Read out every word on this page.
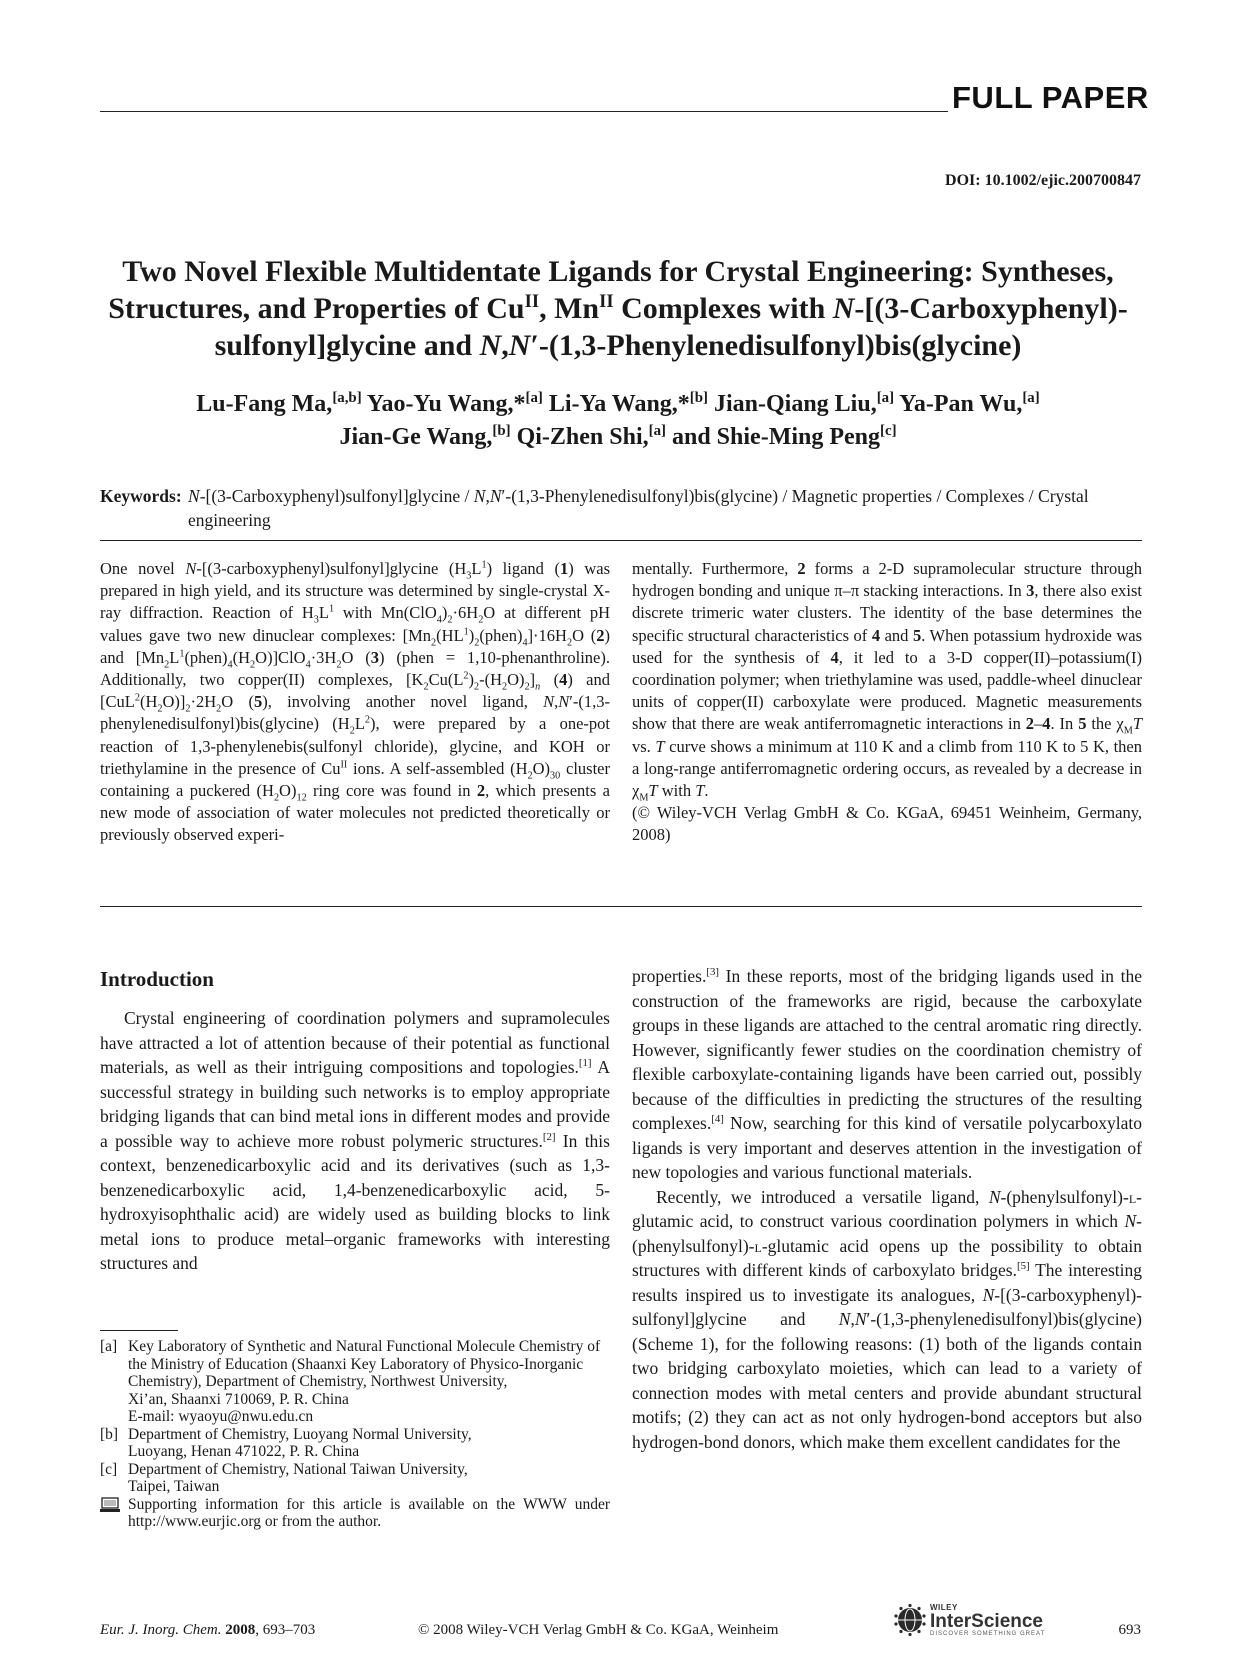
FULL PAPER
DOI: 10.1002/ejic.200700847
Two Novel Flexible Multidentate Ligands for Crystal Engineering: Syntheses, Structures, and Properties of $Cu^{II}$, $Mn^{II}$ Complexes with N-[(3-Carboxyphenyl)-
sulfonyl]glycine and N,N′-(1,3-Phenylenedisulfonyl)bis(glycine)
Lu-Fang Ma,[a,b] Yao-Yu Wang,*[a] Li-Ya Wang,*[b] Jian-Qiang Liu,[a] Ya-Pan Wu,[a]
Jian-Ge Wang,[b] Qi-Zhen Shi,[a] and Shie-Ming Peng[c]
Keywords: N-[(3-Carboxyphenyl)sulfonyl]glycine / N,N′-(1,3-Phenylenedisulfonyl)bis(glycine) / Magnetic properties / Complexes / Crystal engineering

One novel N-[(3-carboxyphenyl)sulfonyl]glycine $(H_3L^1)$ ligand (1) was prepared in high yield, and its structure was determined by single-crystal X-ray diffraction. Reaction of $H_3L^1$ with $Mn(ClO_4)_2\cdot 6H_2O$ at different pH values gave two new dinuclear complexes: $[Mn_2(HL^1)_2(phen)_4]\cdot 16H_2O$ (2) and $[Mn_2L^1(phen)_4(H_2O)]ClO_4\cdot 3H_2O$ (3) (phen = 1,10-phenanthroline). Additionally, two copper(II) complexes, $[K_2Cu(L^2)_2-(H_2O)_2]_n$ (4) and $[CuL^2(H_2O)]_2\cdot 2H_2O$ (5), involving another novel ligand, N,N′-(1,3-phenylenedisulfonyl)bis(glycine) $(H_2L^2)$, were prepared by a one-pot reaction of 1,3-phenylenebis(sulfonyl chloride), glycine, and KOH or triethylamine in the presence of $Cu^{II}$ ions. A self-assembled $(H_2O)_{30}$ cluster containing a puckered $(H_2O)_{12}$ ring core was found in 2, which presents a new mode of association of water molecules not predicted theoretically or previously observed experi-

mentally. Furthermore, 2 forms a 2-D supramolecular structure through hydrogen bonding and unique π–π stacking interactions. In 3, there also exist discrete trimeric water clusters. The identity of the base determines the specific structural characteristics of 4 and 5. When potassium hydroxide was used for the synthesis of 4, it led to a 3-D copper(II)–potassium(I) coordination polymer; when triethylamine was used, paddle-wheel dinuclear units of copper(II) carboxylate were produced. Magnetic measurements show that there are weak antiferromagnetic interactions in 2–4. In 5 the $\chi_MT$ vs. T curve shows a minimum at 110 K and a climb from 110 K to 5 K, then a long-range antiferromagnetic ordering occurs, as revealed by a decrease in $\chi_MT$ with T.
(© Wiley-VCH Verlag GmbH & Co. KGaA, 69451 Weinheim, Germany, 2008)

Introduction

Crystal engineering of coordination polymers and supramolecules have attracted a lot of attention because of their potential as functional materials, as well as their intriguing compositions and topologies.[1] A successful strategy in building such networks is to employ appropriate bridging ligands that can bind metal ions in different modes and provide a possible way to achieve more robust polymeric structures.[2] In this context, benzenedicarboxylic acid and its derivatives (such as 1,3-benzenedicarboxylic acid, 1,4-benzenedicarboxylic acid, 5-hydroxyisophthalic acid) are widely used as building blocks to link metal ions to produce metal–organic frameworks with interesting structures and

properties.[3] In these reports, most of the bridging ligands used in the construction of the frameworks are rigid, because the carboxylate groups in these ligands are attached to the central aromatic ring directly. However, significantly fewer studies on the coordination chemistry of flexible carboxylate-containing ligands have been carried out, possibly because of the difficulties in predicting the structures of the resulting complexes.[4] Now, searching for this kind of versatile polycarboxylato ligands is very important and deserves attention in the investigation of new topologies and various functional materials.

Recently, we introduced a versatile ligand, N-(phenylsulfonyl)-l-glutamic acid, to construct various coordination polymers in which N-(phenylsulfonyl)-l-glutamic acid opens up the possibility to obtain structures with different kinds of carboxylato bridges.[5] The interesting results inspired us to investigate its analogues, N-[(3-carboxyphenyl)-sulfonyl]glycine and N,N′-(1,3-phenylenedisulfonyl)bis(glycine) (Scheme 1), for the following reasons: (1) both of the ligands contain two bridging carboxylato moieties, which can lead to a variety of connection modes with metal centers and provide abundant structural motifs; (2) they can act as not only hydrogen-bond acceptors but also hydrogen-bond donors, which make them excellent candidates for the

[a] Key Laboratory of Synthetic and Natural Functional Molecule Chemistry of the Ministry of Education (Shaanxi Key Laboratory of Physico-Inorganic Chemistry), Department of Chemistry, Northwest University,
Xi’an, Shaanxi 710069, P. R. China
E-mail: wyaoyu@nwu.edu.cn
[b] Department of Chemistry, Luoyang Normal University,
Luoyang, Henan 471022, P. R. China
[c] Department of Chemistry, National Taiwan University,
Taipei, Taiwan
Supporting information for this article is available on the WWW under http://www.eurjic.org or from the author.
Eur. J. Inorg. Chem. 2008, 693–703	© 2008 Wiley-VCH Verlag GmbH & Co. KGaA, Weinheim
WILEY
InterScience
DISCOVER SOMETHING GREAT	693
